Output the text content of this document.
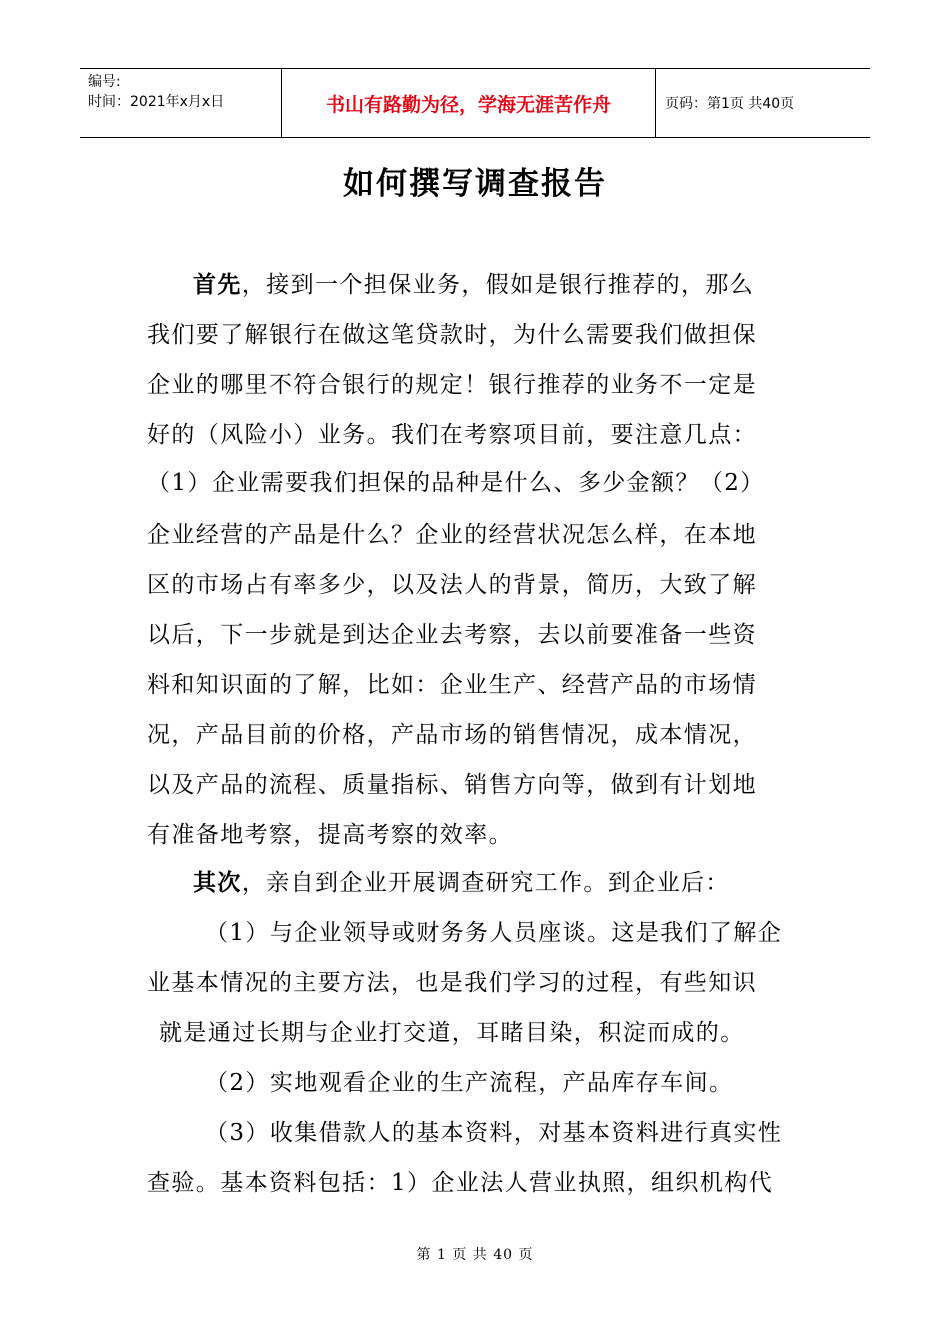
编号:
时间：2021年x月x日	书山有路勤为径，学海无涯苦作舟	页码：第1页 共40页
如何撰写调查报告
首先，接到一个担保业务，假如是银行推荐的，那么
我们要了解银行在做这笔贷款时，为什么需要我们做担保
企业的哪里不符合银行的规定！银行推荐的业务不一定是
好的（风险小）业务。我们在考察项目前，要注意几点：
（1）企业需要我们担保的品种是什么、多少金额？（2）
企业经营的产品是什么？企业的经营状况怎么样，在本地
区的市场占有率多少，以及法人的背景，简历，大致了解
以后，下一步就是到达企业去考察，去以前要准备一些资
料和知识面的了解，比如：企业生产、经营产品的市场情
况，产品目前的价格，产品市场的销售情况，成本情况，
以及产品的流程、质量指标、销售方向等，做到有计划地
有准备地考察，提高考察的效率。
其次，亲自到企业开展调查研究工作。到企业后：
（1）与企业领导或财务务人员座谈。这是我们了解企
业基本情况的主要方法，也是我们学习的过程，有些知识
就是通过长期与企业打交道，耳睹目染，积淀而成的。
（2）实地观看企业的生产流程，产品库存车间。
（3）收集借款人的基本资料，对基本资料进行真实性
查验。基本资料包括：1）企业法人营业执照，组织机构代
第 1 页 共 40 页
